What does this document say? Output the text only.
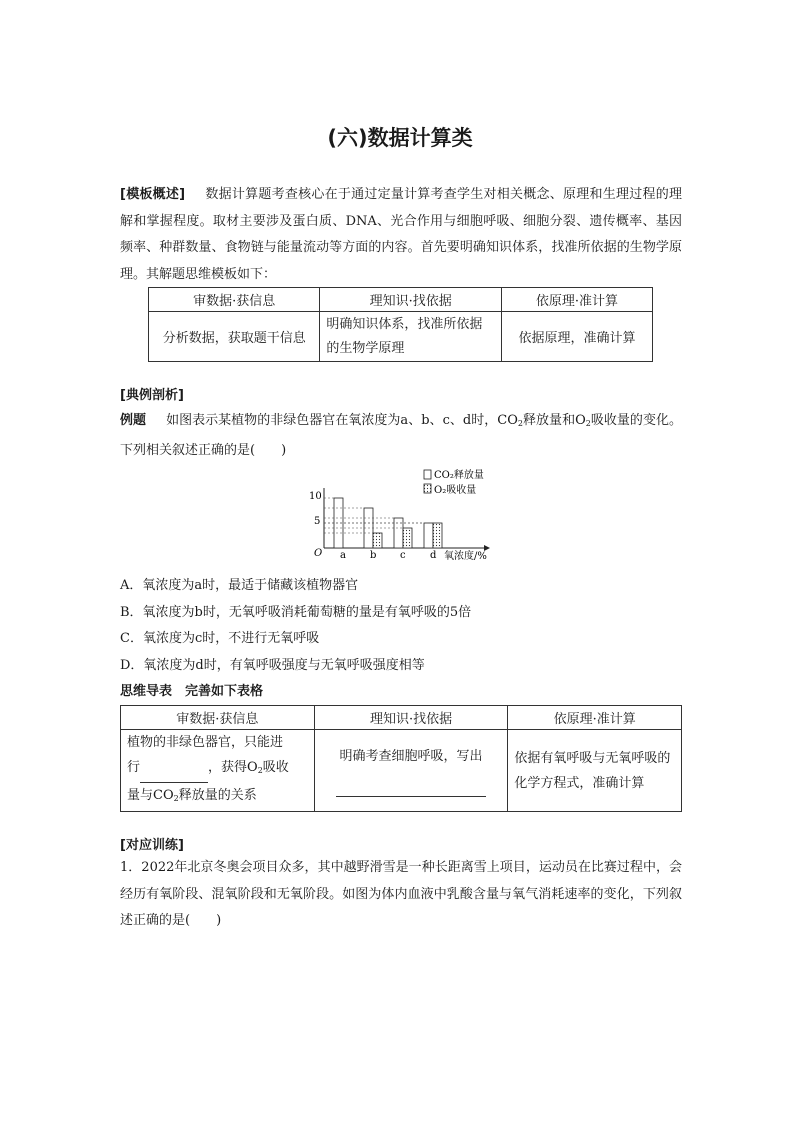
(六)数据计算类
[模板概述] 数据计算题考查核心在于通过定量计算考查学生对相关概念、原理和生理过程的理解和掌握程度。取材主要涉及蛋白质、DNA、光合作用与细胞呼吸、细胞分裂、遗传概率、基因频率、种群数量、食物链与能量流动等方面的内容。首先要明确知识体系，找准所依据的生物学原理。其解题思维模板如下：
审数据·获信息	理知识·找依据	依原理·准计算
分析数据，获取题干信息	明确知识体系，找准所依据的生物学原理	依据原理，准确计算
[典例剖析]
例题 如图表示某植物的非绿色器官在氧浓度为a、b、c、d时，$CO_2$释放量和$O_2$吸收量的变化。下列相关叙述正确的是(　　)
O	氧浓度/%
10
5
a b c d
CO₂释放量
O₂吸收量
A．氧浓度为a时，最适于储藏该植物器官
B．氧浓度为b时，无氧呼吸消耗葡萄糖的量是有氧呼吸的5倍
C．氧浓度为c时，不进行无氧呼吸
D．氧浓度为d时，有氧呼吸强度与无氧呼吸强度相等
思维导表　 完善如下表格
审数据·获信息	理知识·找依据	依原理·准计算
植物的非绿色器官，只能进
行 ，获得$O_2$吸收
量与$CO_2$释放量的关系	明确考查细胞呼吸，写出	依据有氧呼吸与无氧呼吸的化学方程式，准确计算
[对应训练]
1．2022年北京冬奥会项目众多，其中越野滑雪是一种长距离雪上项目，运动员在比赛过程中，会经历有氧阶段、混氧阶段和无氧阶段。如图为体内血液中乳酸含量与氧气消耗速率的变化，下列叙述正确的是(　　)
